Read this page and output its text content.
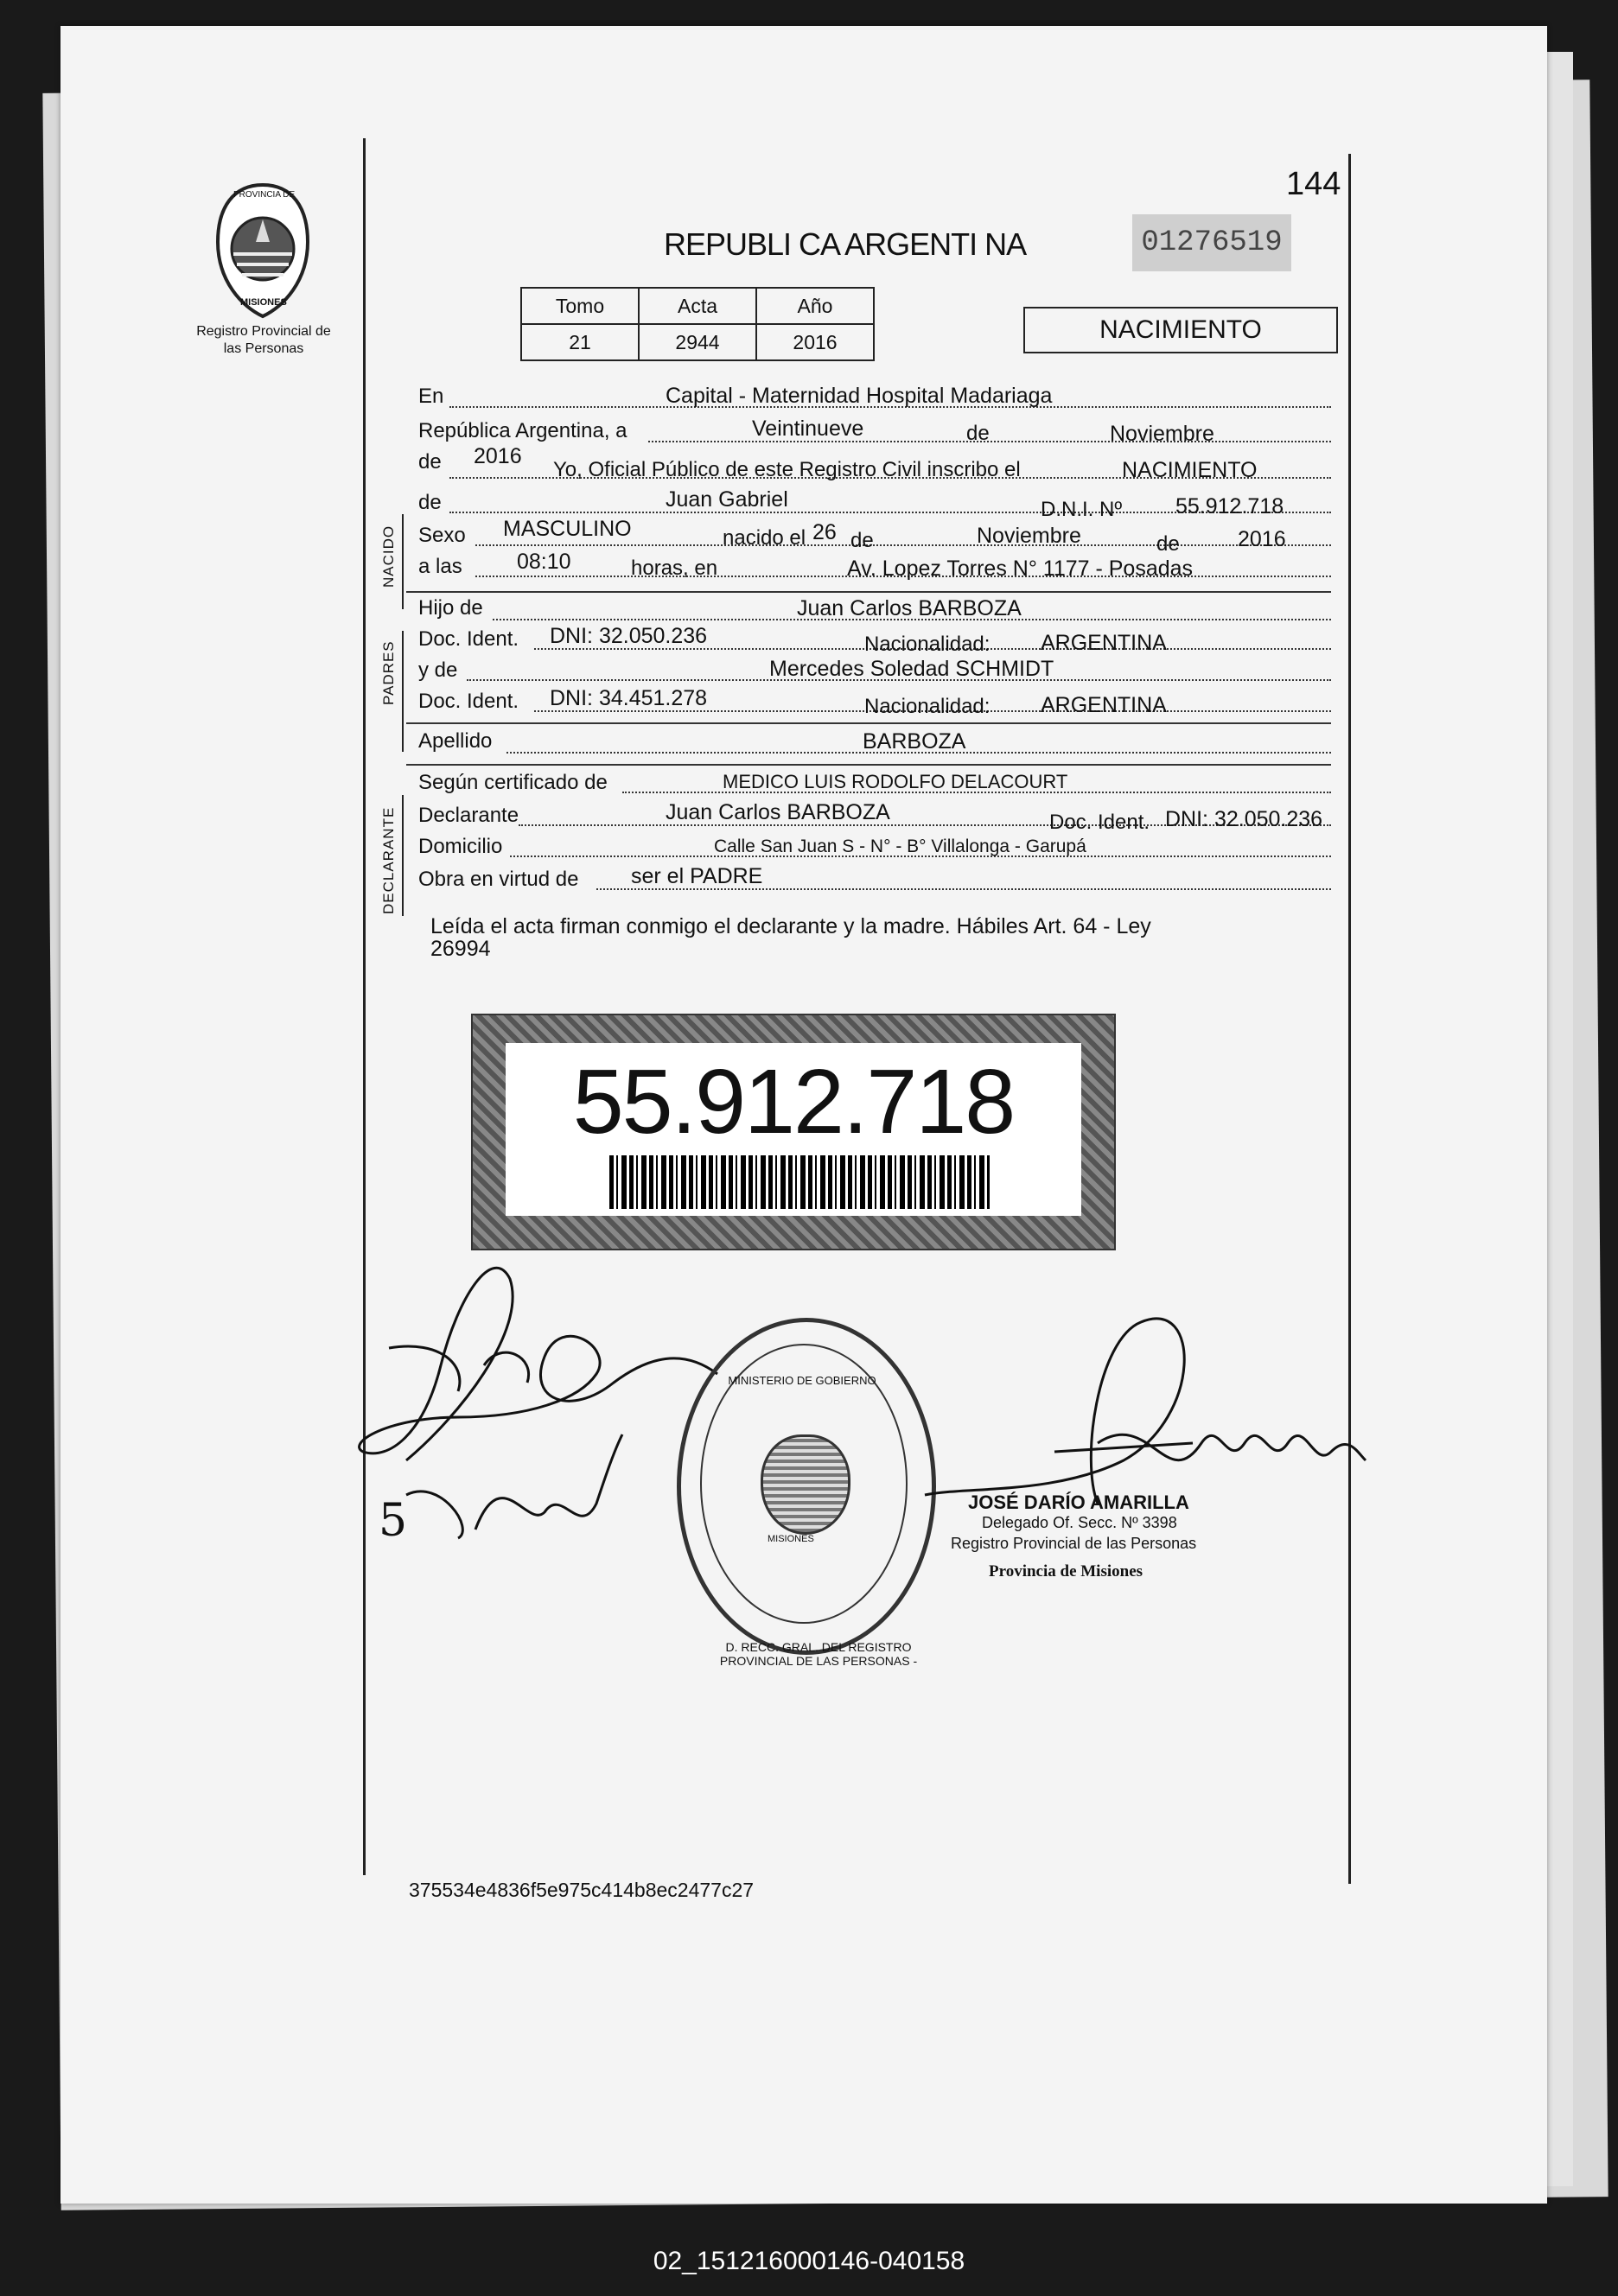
144
PROVINCIA DE
MISIONES
Registro Provincial de las Personas
REPUBLI CA ARGENTI NA	01276519
Tomo	Acta	Año
21	2944	2016	NACIMIENTO
NACIDO
PADRES
DECLARANTE
En	Capital - Maternidad Hospital Madariaga
República Argentina, a	Veintinueve	de	Noviembre
de 2016
Yo, Oficial Público de este Registro Civil inscribo el	NACIMIENTO
de	Juan Gabriel	D.N.I. Nº 55.912.718
Sexo MASCULINO	nacido el 26 de	Noviembre	de	2016
a las	08:10	horas, en	Av. Lopez Torres N° 1177 - Posadas
Hijo de	Juan Carlos BARBOZA
Doc. Ident. DNI: 32.050.236	Nacionalidad: ARGENTINA
y de	Mercedes Soledad SCHMIDT
Doc. Ident. DNI: 34.451.278	Nacionalidad: ARGENTINA
Apellido	BARBOZA
Según certificado de	MEDICO LUIS RODOLFO DELACOURT
Declarante	Juan Carlos BARBOZA	Doc. Ident. DNI: 32.050.236
Domicilio	Calle San Juan S - N° - B° Villalonga - Garupá
Obra en virtud de ser el PADRE
Leída el acta firman conmigo el declarante y la madre. Hábiles Art. 64 - Ley
26994
55.912.718
5
D. RECC. GRAL. DEL REGISTRO PROVINCIAL DE LAS PERSONAS -
MINISTERIO DE GOBIERNO
MISIONES
JOSÉ DARÍO AMARILLA
Delegado Of. Secc. Nº 3398
Registro Provincial de las Personas
Provincia de Misiones
375534e4836f5e975c414b8ec2477c27
02_151216000146-040158
